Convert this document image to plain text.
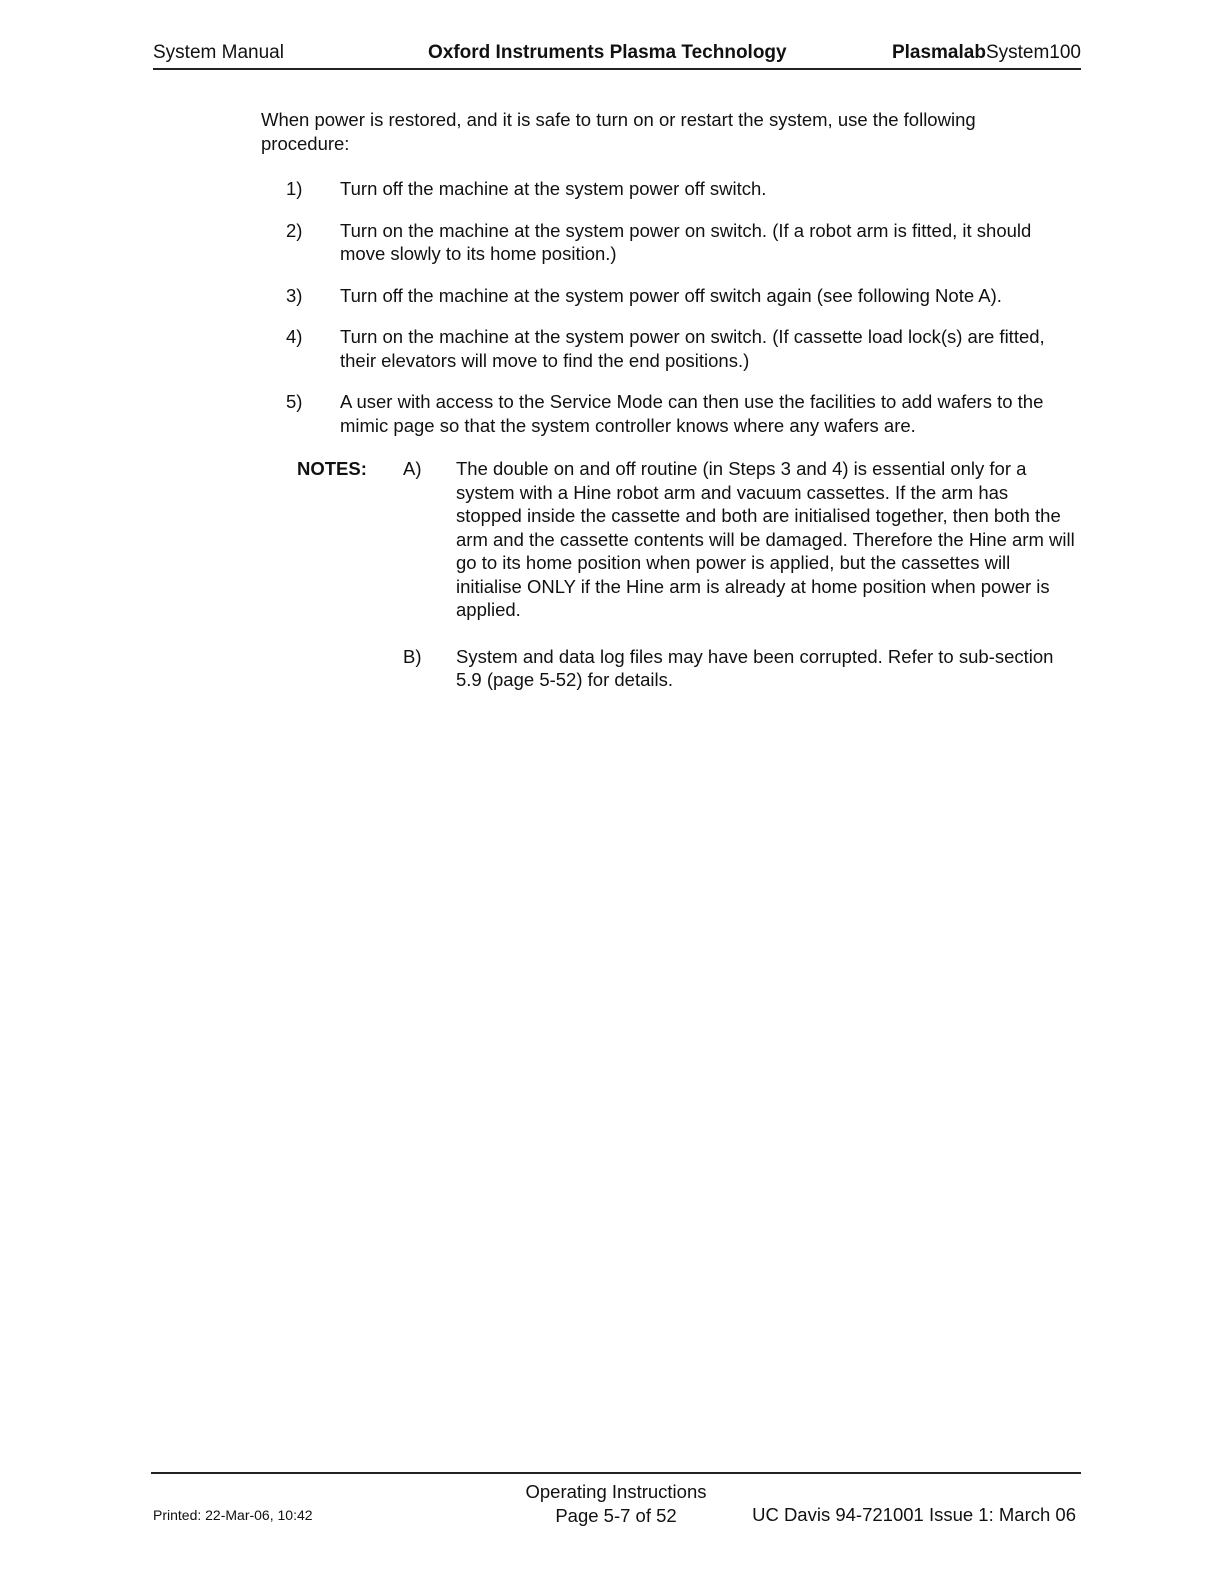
System Manual	Oxford Instruments Plasma Technology	PlasmalabSystem100

When power is restored, and it is safe to turn on or restart the system, use the following procedure:

1) Turn off the machine at the system power off switch.
2) Turn on the machine at the system power on switch. (If a robot arm is fitted, it should move slowly to its home position.)
3) Turn off the machine at the system power off switch again (see following Note A).
4) Turn on the machine at the system power on switch. (If cassette load lock(s) are fitted, their elevators will move to find the end positions.)
5) A user with access to the Service Mode can then use the facilities to add wafers to the mimic page so that the system controller knows where any wafers are.
NOTES: A) The double on and off routine (in Steps 3 and 4) is essential only for a system with a Hine robot arm and vacuum cassettes. If the arm has stopped inside the cassette and both are initialised together, then both the arm and the cassette contents will be damaged. Therefore the Hine arm will go to its home position when power is applied, but the cassettes will initialise ONLY if the Hine arm is already at home position when power is applied.
B) System and data log files may have been corrupted. Refer to sub-section 5.9 (page 5-52) for details.
Printed: 22-Mar-06, 10:42
Operating Instructions
Page 5-7 of 52	UC Davis 94-721001 Issue 1: March 06
